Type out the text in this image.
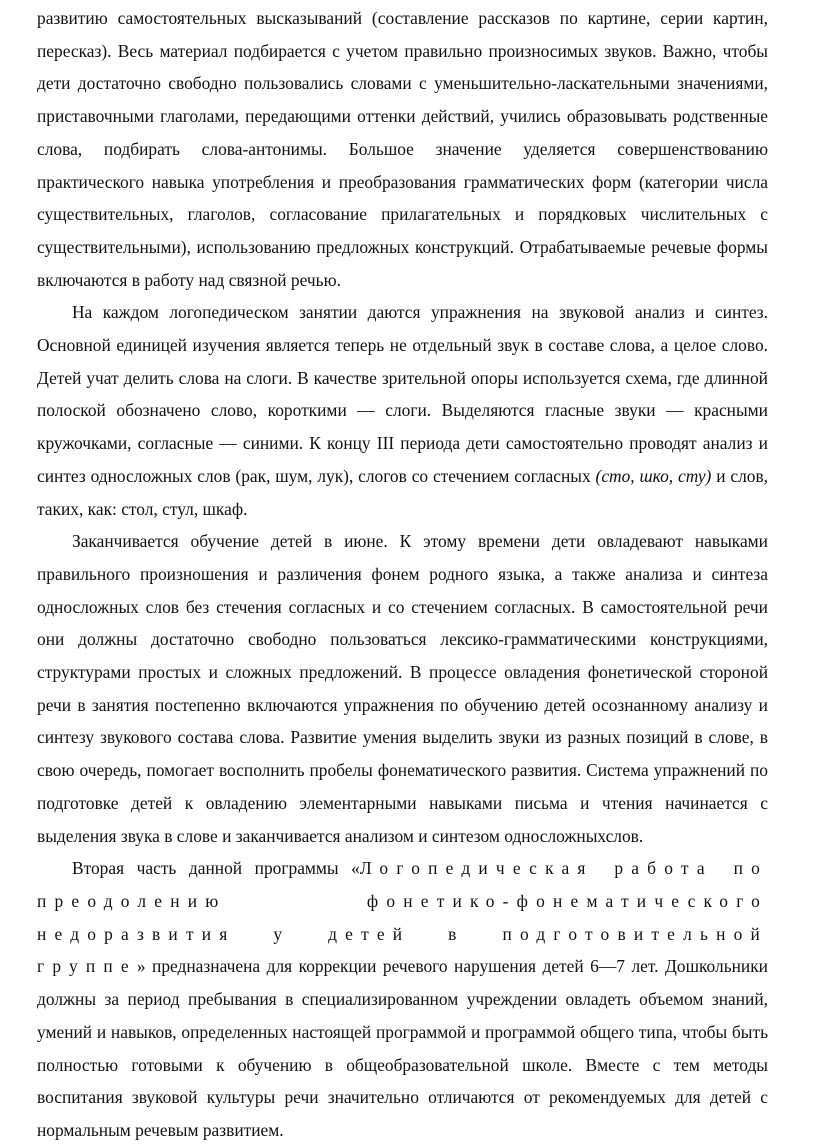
развитию самостоятельных высказываний (составление рассказов по картине, серии картин, пересказ). Весь материал подбирается с учетом правильно произносимых звуков. Важно, чтобы дети достаточно свободно пользовались словами с уменьшительно-ласкательными значениями, приставочными глаголами, передающими оттенки действий, учились образовывать родственные слова, подбирать слова-антонимы. Большое значение уделяется совершенствованию практического навыка употребления и преобразования грамматических форм (категории числа существительных, глаголов, согласование прилагательных и порядковых числительных с существительными), использованию предложных конструкций. Отрабатываемые речевые формы включаются в работу над связной речью.

На каждом логопедическом занятии даются упражнения на звуковой анализ и синтез. Основной единицей изучения является теперь не отдельный звук в составе слова, а целое слово. Детей учат делить слова на слоги. В качестве зрительной опоры используется схема, где длинной полоской обозначено слово, короткими — слоги. Выделяются гласные звуки — красными кружочками, согласные — синими. К концу III периода дети самостоятельно проводят анализ и синтез односложных слов (рак, шум, лук), слогов со стечением согласных (сто, шко, сту) и слов, таких, как: стол, стул, шкаф.

Заканчивается обучение детей в июне. К этому времени дети овладевают навыками правильного произношения и различения фонем родного языка, а также анализа и синтеза односложных слов без стечения согласных и со стечением согласных. В самостоятельной речи они должны достаточно свободно пользоваться лексико-грамматическими конструкциями, структурами простых и сложных предложений. В процессе овладения фонетической стороной речи в занятия постепенно включаются упражнения по обучению детей осознанному анализу и синтезу звукового состава слова. Развитие умения выделить звуки из разных позиций в слове, в свою очередь, помогает восполнить пробелы фонематического развития. Система упражнений по подготовке детей к овладению элементарными навыками письма и чтения начинается с выделения звука в слове и заканчивается анализом и синтезом односложныхслов.

Вторая часть данной программы «Логопедическая работа по преодолению фонетико-фонематического недоразвития у детей в подготовительной группе» предназначена для коррекции речевого нарушения детей 6—7 лет. Дошкольники должны за период пребывания в специализированном учреждении овладеть объемом знаний, умений и навыков, определенных настоящей программой и программой общего типа, чтобы быть полностью готовыми к обучению в общеобразовательной школе. Вместе с тем методы воспитания звуковой культуры речи значительно отличаются от рекомендуемых для детей с нормальным речевым развитием.
